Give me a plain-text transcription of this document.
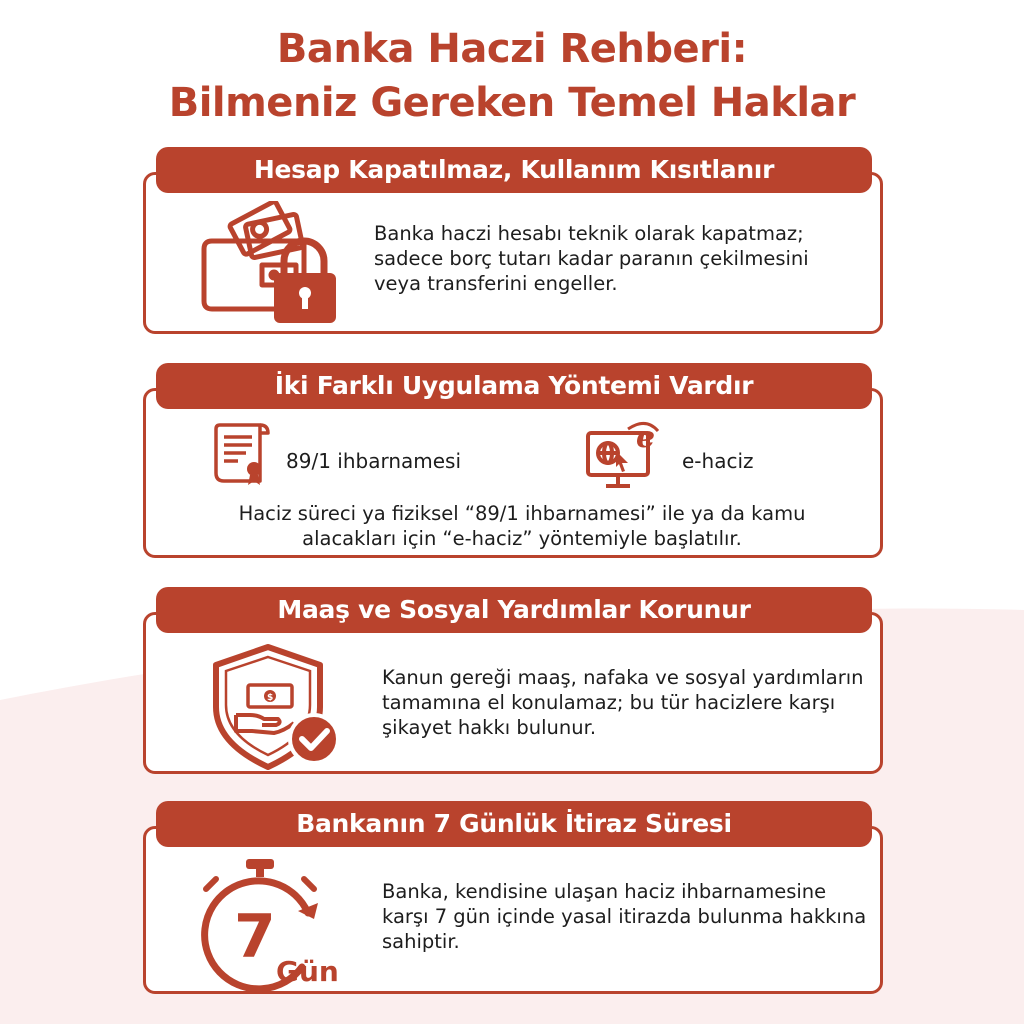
Banka Haczi Rehberi:
Bilmeniz Gereken Temel Haklar
Hesap Kapatılmaz, Kullanım Kısıtlanır
Banka haczi hesabı teknik olarak kapatmaz; sadece borç tutarı kadar paranın çekilmesini veya transferini engeller.
İki Farklı Uygulama Yöntemi Vardır
89/1 ihbarnamesi
e
e-haciz
Haciz süreci ya fiziksel “89/1 ihbarnamesi” ile ya da kamu alacakları için “e-haciz” yöntemiyle başlatılır.
Maaş ve Sosyal Yardımlar Korunur
$
Kanun gereği maaş, nafaka ve sosyal yardımların tamamına el konulamaz; bu tür hacizlere karşı şikayet hakkı bulunur.
Bankanın 7 Günlük İtiraz Süresi
7 Gün
Banka, kendisine ulaşan haciz ihbarnamesine karşı 7 gün içinde yasal itirazda bulunma hakkına sahiptir.
